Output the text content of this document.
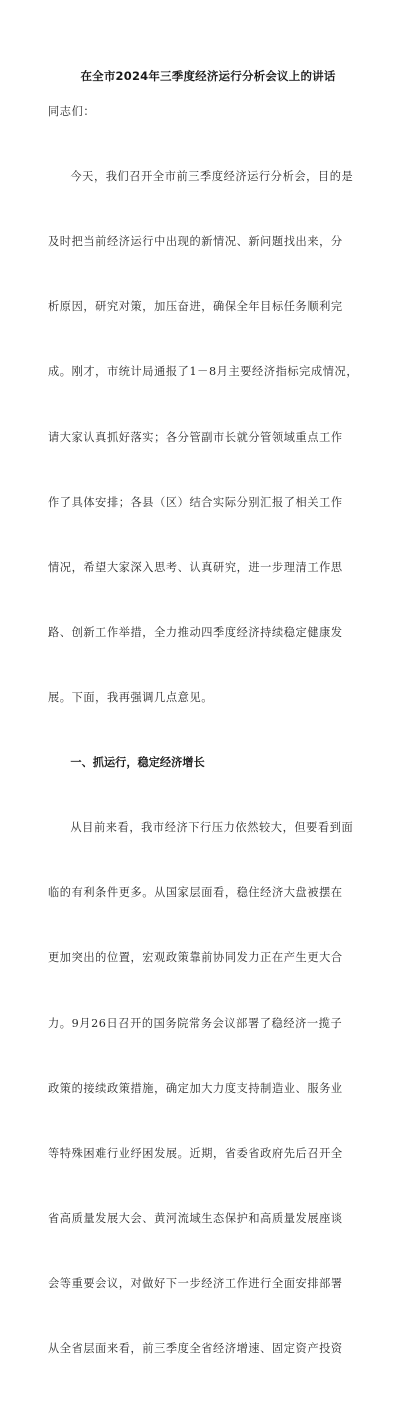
在全市2024年三季度经济运行分析会议上的讲话

同志们：

今天，我们召开全市前三季度经济运行分析会，目的是

及时把当前经济运行中出现的新情况、新问题找出来，分

析原因，研究对策，加压奋进，确保全年目标任务顺利完

成。刚才，市统计局通报了1－8月主要经济指标完成情况，

请大家认真抓好落实；各分管副市长就分管领域重点工作

作了具体安排；各县（区）结合实际分别汇报了相关工作

情况，希望大家深入思考、认真研究，进一步理清工作思

路、创新工作举措，全力推动四季度经济持续稳定健康发

展。下面，我再强调几点意见。

一、抓运行，稳定经济增长

从目前来看，我市经济下行压力依然较大，但要看到面

临的有利条件更多。从国家层面看，稳住经济大盘被摆在

更加突出的位置，宏观政策靠前协同发力正在产生更大合

力。9月26日召开的国务院常务会议部署了稳经济一揽子

政策的接续政策措施，确定加大力度支持制造业、服务业

等特殊困难行业纾困发展。近期，省委省政府先后召开全

省高质量发展大会、黄河流域生态保护和高质量发展座谈

会等重要会议，对做好下一步经济工作进行全面安排部署

从全省层面来看，前三季度全省经济增速、固定资产投资
